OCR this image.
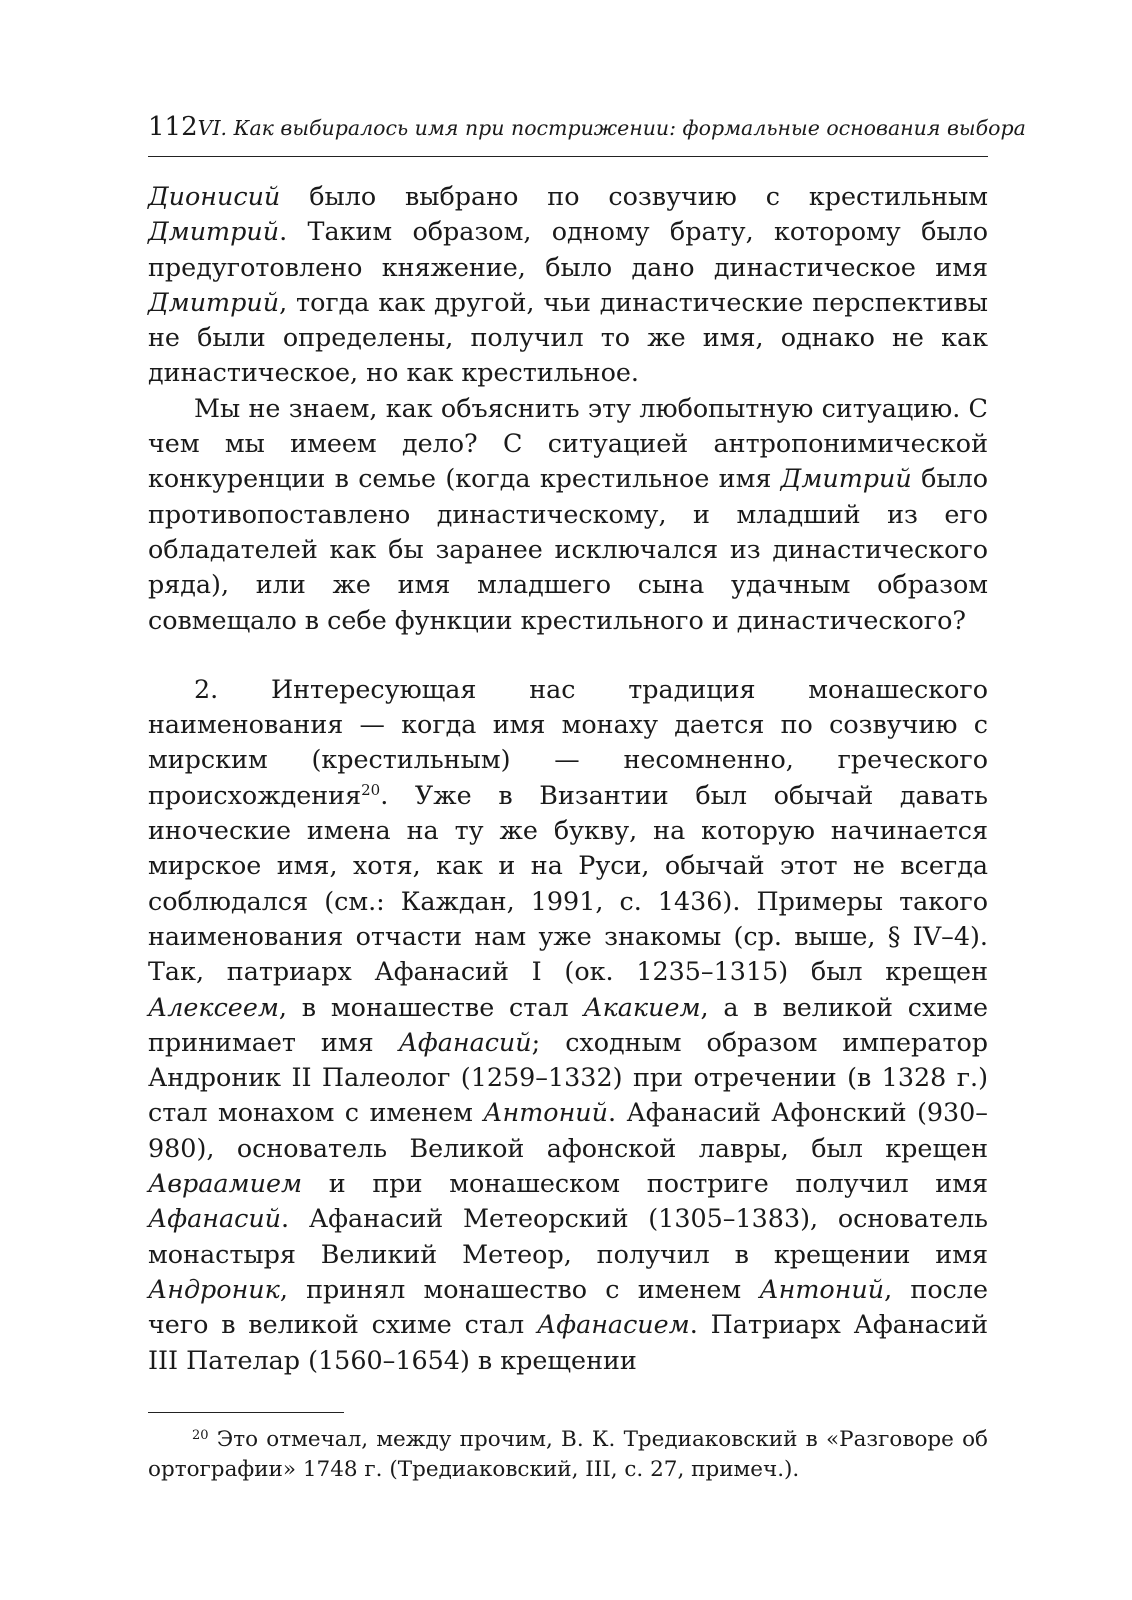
112 VI. Как выбиралось имя при пострижении: формальные основания выбора

Дионисий было выбрано по созвучию с крестильным Дмитрий. Таким образом, одному брату, которому было предуготовлено княжение, было дано династическое имя Дмитрий, тогда как другой, чьи династические перспективы не были определены, получил то же имя, однако не как династическое, но как крестильное.

Мы не знаем, как объяснить эту любопытную ситуацию. С чем мы имеем дело? С ситуацией антропонимической конкуренции в семье (когда крестильное имя Дмитрий было противопоставлено династическому, и младший из его обладателей как бы заранее исключался из династического ряда), или же имя младшего сына удачным образом совмещало в себе функции крестильного и династического?

2. Интересующая нас традиция монашеского наименования — когда имя монаху дается по созвучию с мирским (крестильным) — несомненно, греческого происхождения$^{20}$. Уже в Византии был обычай давать иноческие имена на ту же букву, на которую начинается мирское имя, хотя, как и на Руси, обычай этот не всегда соблюдался (см.: Каждан, 1991, с. 1436). Примеры такого наименования отчасти нам уже знакомы (ср. выше, § IV–4). Так, патриарх Афанасий I (ок. 1235–1315) был крещен Алексеем, в монашестве стал Акакием, а в великой схиме принимает имя Афанасий; сходным образом император Андроник II Палеолог (1259–1332) при отречении (в 1328 г.) стал монахом с именем Антоний. Афанасий Афонский (930–980), основатель Великой афонской лавры, был крещен Авраамием и при монашеском постриге получил имя Афанасий. Афанасий Метеорский (1305–1383), основатель монастыря Великий Метеор, получил в крещении имя Андроник, принял монашество с именем Антоний, после чего в великой схиме стал Афанасием. Патриарх Афанасий III Пателар (1560–1654) в крещении

$^{20}$ Это отмечал, между прочим, В. К. Тредиаковский в «Разговоре об ортографии» 1748 г. (Тредиаковский, III, с. 27, примеч.).
